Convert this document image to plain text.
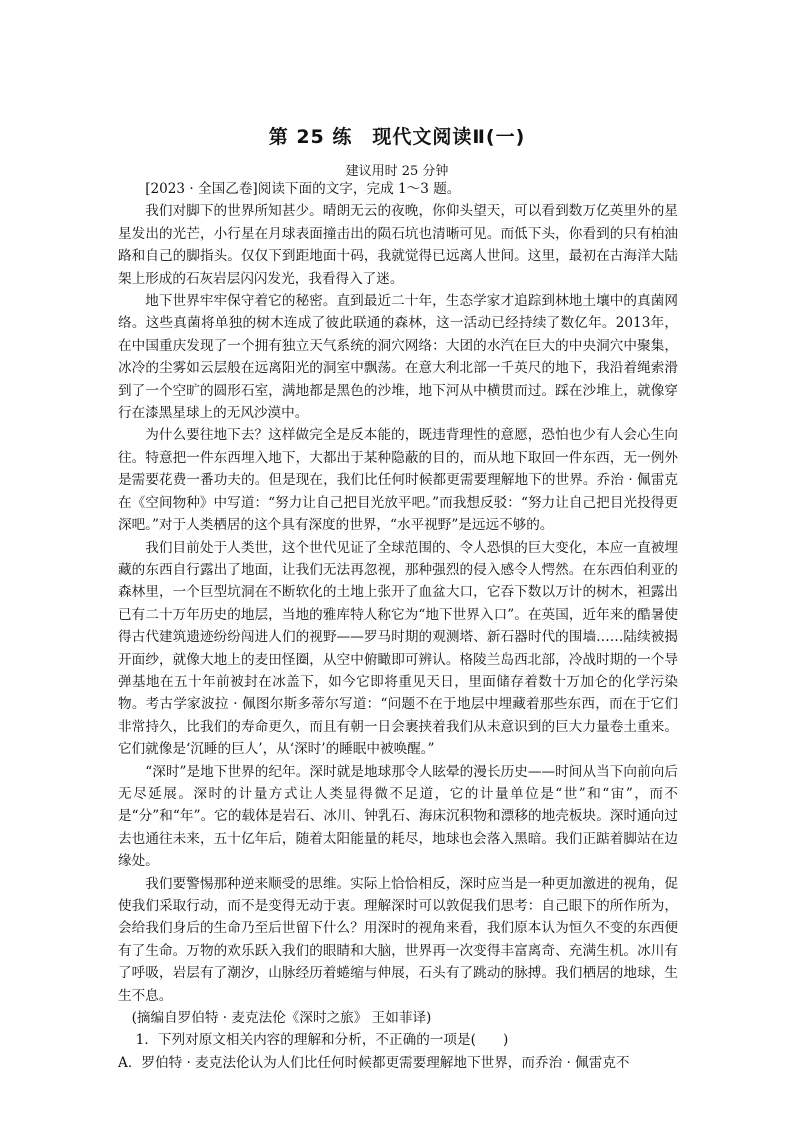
第 25 练　现代文阅读Ⅱ(一)

建议用时 25 分钟

[2023 · 全国乙卷]阅读下面的文字，完成 1～3 题。

我们对脚下的世界所知甚少。晴朗无云的夜晚，你仰头望天，可以看到数万亿英里外的星星发出的光芒，小行星在月球表面撞击出的陨石坑也清晰可见。而低下头，你看到的只有柏油路和自己的脚指头。仅仅下到距地面十码，我就觉得已远离人世间。这里，最初在古海洋大陆架上形成的石灰岩层闪闪发光，我看得入了迷。

地下世界牢牢保守着它的秘密。直到最近二十年，生态学家才追踪到林地土壤中的真菌网络。这些真菌将单独的树木连成了彼此联通的森林，这一活动已经持续了数亿年。2013年，在中国重庆发现了一个拥有独立天气系统的洞穴网络：大团的水汽在巨大的中央洞穴中聚集，冰冷的尘雾如云层般在远离阳光的洞室中飘荡。在意大利北部一千英尺的地下，我沿着绳索滑到了一个空旷的圆形石室，满地都是黑色的沙堆，地下河从中横贯而过。踩在沙堆上，就像穿行在漆黑星球上的无风沙漠中。

为什么要往地下去？这样做完全是反本能的，既违背理性的意愿，恐怕也少有人会心生向往。特意把一件东西埋入地下，大都出于某种隐蔽的目的，而从地下取回一件东西，无一例外是需要花费一番功夫的。但是现在，我们比任何时候都更需要理解地下的世界。乔治 · 佩雷克在《空间物种》中写道：“努力让自己把目光放平吧。”而我想反驳：“努力让自己把目光投得更深吧。”对于人类栖居的这个具有深度的世界，“水平视野”是远远不够的。

我们目前处于人类世，这个世代见证了全球范围的、令人恐惧的巨大变化，本应一直被埋藏的东西自行露出了地面，让我们无法再忽视，那种强烈的侵入感令人愕然。在东西伯利亚的森林里，一个巨型坑洞在不断软化的土地上张开了血盆大口，它吞下数以万计的树木，袒露出已有二十万年历史的地层，当地的雅库特人称它为“地下世界入口”。在英国，近年来的酷暑使得古代建筑遗迹纷纷闯进人们的视野——罗马时期的观测塔、新石器时代的围墙……陆续被揭开面纱，就像大地上的麦田怪圈，从空中俯瞰即可辨认。格陵兰岛西北部，冷战时期的一个导弹基地在五十年前被封在冰盖下，如今它即将重见天日，里面储存着数十万加仑的化学污染物。考古学家波拉 · 佩图尔斯多蒂尔写道：“问题不在于地层中埋藏着那些东西，而在于它们非常持久，比我们的寿命更久，而且有朝一日会裹挟着我们从未意识到的巨大力量卷土重来。它们就像是‘沉睡的巨人’，从‘深时’的睡眠中被唤醒。”

“深时”是地下世界的纪年。深时就是地球那令人眩晕的漫长历史——时间从当下向前向后无尽延展。深时的计量方式让人类显得微不足道，它的计量单位是“世”和“宙”，而不是“分”和“年”。它的载体是岩石、冰川、钟乳石、海床沉积物和漂移的地壳板块。深时通向过去也通往未来，五十亿年后，随着太阳能量的耗尽，地球也会落入黑暗。我们正踮着脚站在边缘处。

我们要警惕那种逆来顺受的思维。实际上恰恰相反，深时应当是一种更加激进的视角，促使我们采取行动，而不是变得无动于衷。理解深时可以敦促我们思考：自己眼下的所作所为，会给我们身后的生命乃至后世留下什么？用深时的视角来看，我们原本认为恒久不变的东西便有了生命。万物的欢乐跃入我们的眼睛和大脑，世界再一次变得丰富离奇、充满生机。冰川有了呼吸，岩层有了潮汐，山脉经历着蜷缩与伸展，石头有了跳动的脉搏。我们栖居的地球，生生不息。

(摘编自罗伯特 · 麦克法伦《深时之旅》 王如菲译)

1．下列对原文相关内容的理解和分析，不正确的一项是(　　)

A．罗伯特 · 麦克法伦认为人们比任何时候都更需要理解地下世界，而乔治 · 佩雷克不
